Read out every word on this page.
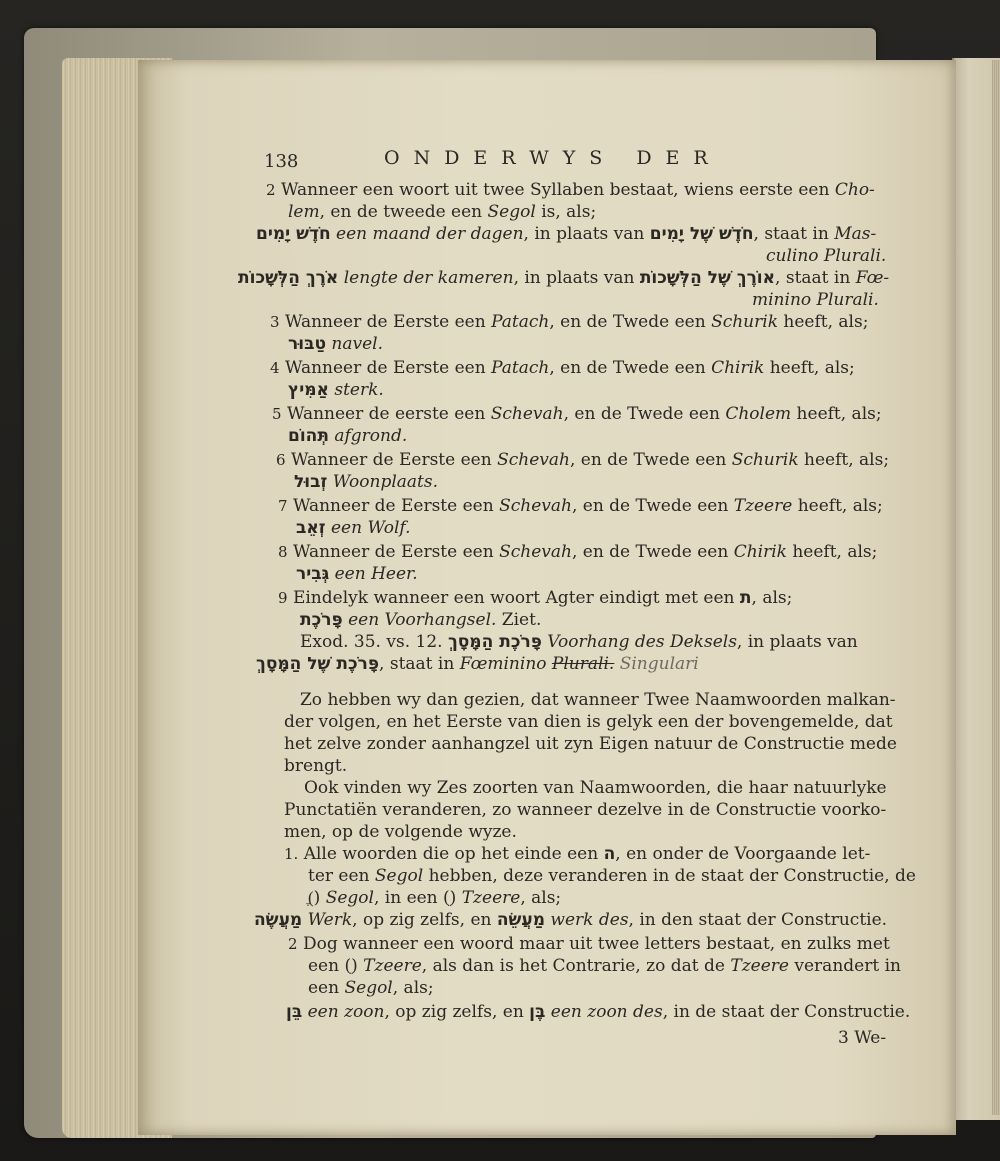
138	ONDERWYS DER
2 Wanneer een woort uit twee Syllaben bestaat, wiens eerste een Cho-
lem, en de tweede een Segol is, als;
חֹדֶשׁ יָמִים een maand der dagen, in plaats van חֹדֶשׁ שֶׁל יָמִים, staat in Mas-
culino Plurali.
אֹרֶךְ הַלְּשָׁכוֹת lengte der kameren, in plaats van אוֹרֶךְ שֶׁל הַלְּשָׁכוֹת, staat in Fœ-
minino Plurali.
3 Wanneer de Eerste een Patach, en de Twede een Schurik heeft, als;
טַבּוּר navel.
4 Wanneer de Eerste een Patach, en de Twede een Chirik heeft, als;
אַמִּיץ sterk.
5 Wanneer de eerste een Schevah, en de Twede een Cholem heeft, als;
תְּהוֹם afgrond.
6 Wanneer de Eerste een Schevah, en de Twede een Schurik heeft, als;
זְבוּל Woonplaats.
7 Wanneer de Eerste een Schevah, en de Twede een Tzeere heeft, als;
זְאֵב een Wolf.
8 Wanneer de Eerste een Schevah, en de Twede een Chirik heeft, als;
גְּבִיר een Heer.
9 Eindelyk wanneer een woort Agter eindigt met een ת, als;
פָּרֹכֶת een Voorhangsel. Ziet.
Exod. 35. vs. 12. פָּרֹכֶת הַמָּסָךְ Voorhang des Deksels, in plaats van
פָּרֹכֶת שֶׁל הַמָּסָךְ, staat in Fœminino Plurali. Singulari
Zo hebben wy dan gezien, dat wanneer Twee Naamwoorden malkan-
der volgen, en het Eerste van dien is gelyk een der bovengemelde, dat
het zelve zonder aanhangzel uit zyn Eigen natuur de Constructie mede
brengt.
Ook vinden wy Zes zoorten van Naamwoorden, die haar natuurlyke
Punctatiën veranderen, zo wanneer dezelve in de Constructie voorko-
men, op de volgende wyze.
1. Alle woorden die op het einde een ה, en onder de Voorgaande let-
ter een Segol hebben, deze veranderen in de staat der Constructie, de
(ֶ) Segol, in een (ֵ) Tzeere, als;
מַעֲשֶׂה Werk, op zig zelfs, en מַעֲשֵׂה werk des, in den staat der Constructie.
2 Dog wanneer een woord maar uit twee letters bestaat, en zulks met
een (ֵ) Tzeere, als dan is het Contrarie, zo dat de Tzeere verandert in
een Segol, als;
בֵּן een zoon, op zig zelfs, en בֶּן een zoon des, in de staat der Constructie.
3 We-
